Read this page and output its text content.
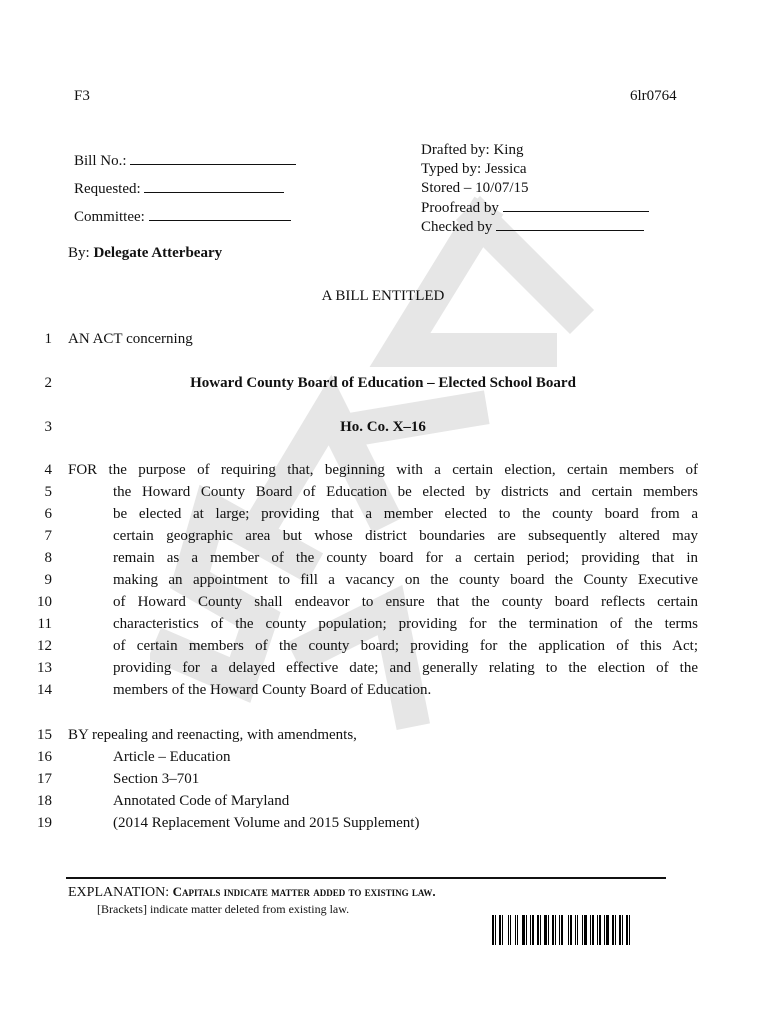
F3	6lr0764
Bill No.:
Requested:
Committee:
Drafted by: King
Typed by: Jessica
Stored – 10/07/15
Proofread by
Checked by
By: Delegate Atterbeary
A BILL ENTITLED
1 AN ACT concerning
2	Howard County Board of Education – Elected School Board
3	Ho. Co. X–16
4 FOR the purpose of requiring that, beginning with a certain election, certain members of
5	the Howard County Board of Education be elected by districts and certain members
6	be elected at large; providing that a member elected to the county board from a
7	certain geographic area but whose district boundaries are subsequently altered may
8	remain as a member of the county board for a certain period; providing that in
9	making an appointment to fill a vacancy on the county board the County Executive
10	of Howard County shall endeavor to ensure that the county board reflects certain
11	characteristics of the county population; providing for the termination of the terms
12	of certain members of the county board; providing for the application of this Act;
13	providing for a delayed effective date; and generally relating to the election of the
14	members of the Howard County Board of Education.
15 BY repealing and reenacting, with amendments,
16	Article – Education
17	Section 3–701
18	Annotated Code of Maryland
19	(2014 Replacement Volume and 2015 Supplement)
EXPLANATION: Capitals indicate matter added to existing law.
[Brackets] indicate matter deleted from existing law.
